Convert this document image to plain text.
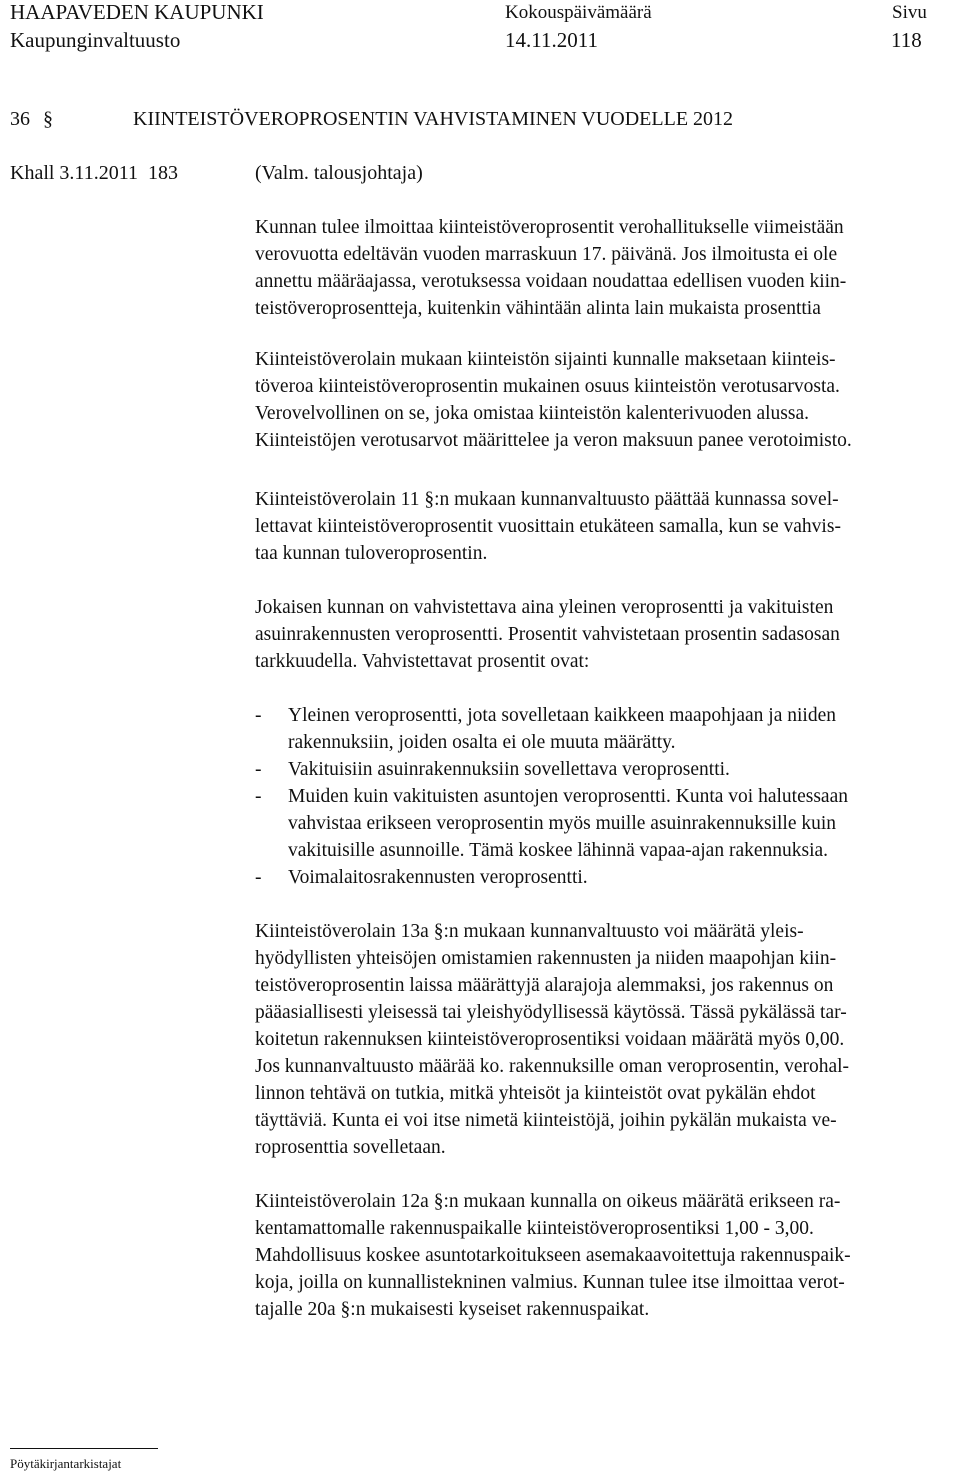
HAAPAVEDEN KAUPUNKI
Kaupunginvaltuusto
Kokouspäivämäärä
14.11.2011
Sivu
118
36 §	KIINTEISTÖVEROPROSENTIN VAHVISTAMINEN VUODELLE 2012
Khall 3.11.2011 183	(Valm. talousjohtaja)
Kunnan tulee ilmoittaa kiinteistöveroprosentit verohallitukselle viimeistään
verovuotta edeltävän vuoden marraskuun 17. päivänä. Jos ilmoitusta ei ole
annettu määräajassa, verotuksessa voidaan noudattaa edellisen vuoden kiin-
teistöveroprosentteja, kuitenkin vähintään alinta lain mukaista prosenttia
Kiinteistöverolain mukaan kiinteistön sijainti kunnalle maksetaan kiinteis-
töveroa kiinteistöveroprosentin mukainen osuus kiinteistön verotusarvosta.
Verovelvollinen on se, joka omistaa kiinteistön kalenterivuoden alussa.
Kiinteistöjen verotusarvot määrittelee ja veron maksuun panee verotoimisto.
Kiinteistöverolain 11 §:n mukaan kunnanvaltuusto päättää kunnassa sovel-
lettavat kiinteistöveroprosentit vuosittain etukäteen samalla, kun se vahvis-
taa kunnan tuloveroprosentin.
Jokaisen kunnan on vahvistettava aina yleinen veroprosentti ja vakituisten
asuinrakennusten veroprosentti. Prosentit vahvistetaan prosentin sadasosan
tarkkuudella. Vahvistettavat prosentit ovat:
- Yleinen veroprosentti, jota sovelletaan kaikkeen maapohjaan ja niiden
rakennuksiin, joiden osalta ei ole muuta määrätty.
- Vakituisiin asuinrakennuksiin sovellettava veroprosentti.
- Muiden kuin vakituisten asuntojen veroprosentti. Kunta voi halutessaan
vahvistaa erikseen veroprosentin myös muille asuinrakennuksille kuin
vakituisille asunnoille. Tämä koskee lähinnä vapaa-ajan rakennuksia.
- Voimalaitosrakennusten veroprosentti.
Kiinteistöverolain 13a §:n mukaan kunnanvaltuusto voi määrätä yleis-
hyödyllisten yhteisöjen omistamien rakennusten ja niiden maapohjan kiin-
teistöveroprosentin laissa määrättyjä alarajoja alemmaksi, jos rakennus on
pääasiallisesti yleisessä tai yleishyödyllisessä käytössä. Tässä pykälässä tar-
koitetun rakennuksen kiinteistöveroprosentiksi voidaan määrätä myös 0,00.
Jos kunnanvaltuusto määrää ko. rakennuksille oman veroprosentin, verohal-
linnon tehtävä on tutkia, mitkä yhteisöt ja kiinteistöt ovat pykälän ehdot
täyttäviä. Kunta ei voi itse nimetä kiinteistöjä, joihin pykälän mukaista ve-
roprosenttia sovelletaan.
Kiinteistöverolain 12a §:n mukaan kunnalla on oikeus määrätä erikseen ra-
kentamattomalle rakennuspaikalle kiinteistöveroprosentiksi 1,00 - 3,00.
Mahdollisuus koskee asuntotarkoitukseen asemakaavoitettuja rakennuspaik-
koja, joilla on kunnallistekninen valmius. Kunnan tulee itse ilmoittaa verot-
tajalle 20a §:n mukaisesti kyseiset rakennuspaikat.
Pöytäkirjantarkistajat
